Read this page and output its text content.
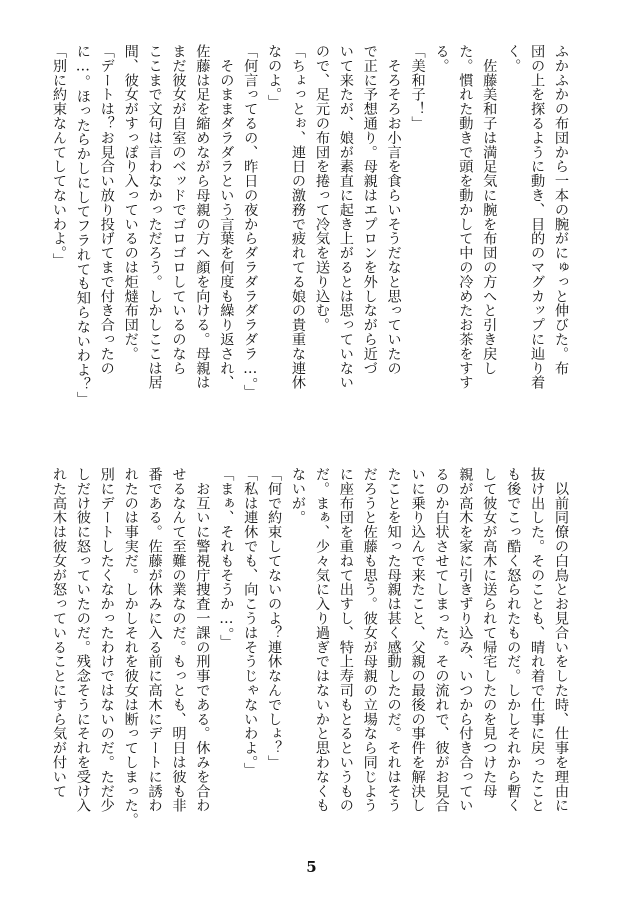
ふかふかの布団から一本の腕がにゅっと伸びた。布
団の上を探るように動き、目的のマグカップに辿り着
く。
　佐藤美和子は満足気に腕を布団の方へと引き戻し
た。慣れた動きで頭を動かして中の冷めたお茶をすす
る。
「美和子！」
　そろそろお小言を食らいそうだなと思っていたの
で正に予想通り。母親はエプロンを外しながら近づ
いて来たが、娘が素直に起き上がるとは思っていない
ので、足元の布団を捲って冷気を送り込む。
「ちょっとぉ、連日の激務で疲れてる娘の貴重な連休
なのよ。」
「何言ってるの、昨日の夜からダラダラダラダラ…。」
　そのままダラダラという言葉を何度も繰り返され、
佐藤は足を縮めながら母親の方へ顔を向ける。母親は
まだ彼女が自室のベッドでゴロゴロしているのなら
ここまで文句は言わなかっただろう。しかしここは居
間、彼女がすっぽり入っているのは炬燵布団だ。
「デートは？お見合い放り投げてまで付き合ったの
に…。ほったらかしにしてフラれても知らないわよ？」
「別に約束なんてしてないわよ。」
　以前同僚の白鳥とお見合いをした時、仕事を理由に
抜け出した。そのことも、晴れ着で仕事に戻ったこと
も後でこっ酷く怒られたものだ。しかしそれから暫く
して彼女が高木に送られて帰宅したのを見つけた母
親が高木を家に引きずり込み、いつから付き合ってい
るのか白状させてしまった。その流れで、彼がお見合
いに乗り込んで来たこと、父親の最後の事件を解決し
たことを知った母親は甚く感動したのだ。それはそう
だろうと佐藤も思う。彼女が母親の立場なら同じよう
に座布団を重ねて出すし、特上寿司もとるというもの
だ。まぁ、少々気に入り過ぎではないかと思わなくも
ないが。
「何で約束してないのよ？連休なんでしょ？」
「私は連休でも、向こうはそうじゃないわよ。」
「まぁ、それもそうか…。」
　お互いに警視庁捜査一課の刑事である。休みを合わ
せるなんて至難の業なのだ。もっとも、明日は彼も非
番である。佐藤が休みに入る前に高木にデートに誘わ
れたのは事実だ。しかしそれを彼女は断ってしまった。
別にデートしたくなかったわけではないのだ。ただ少
しだけ彼に怒っていたのだ。残念そうにそれを受け入
れた高木は彼女が怒っていることにすら気が付いて
5
